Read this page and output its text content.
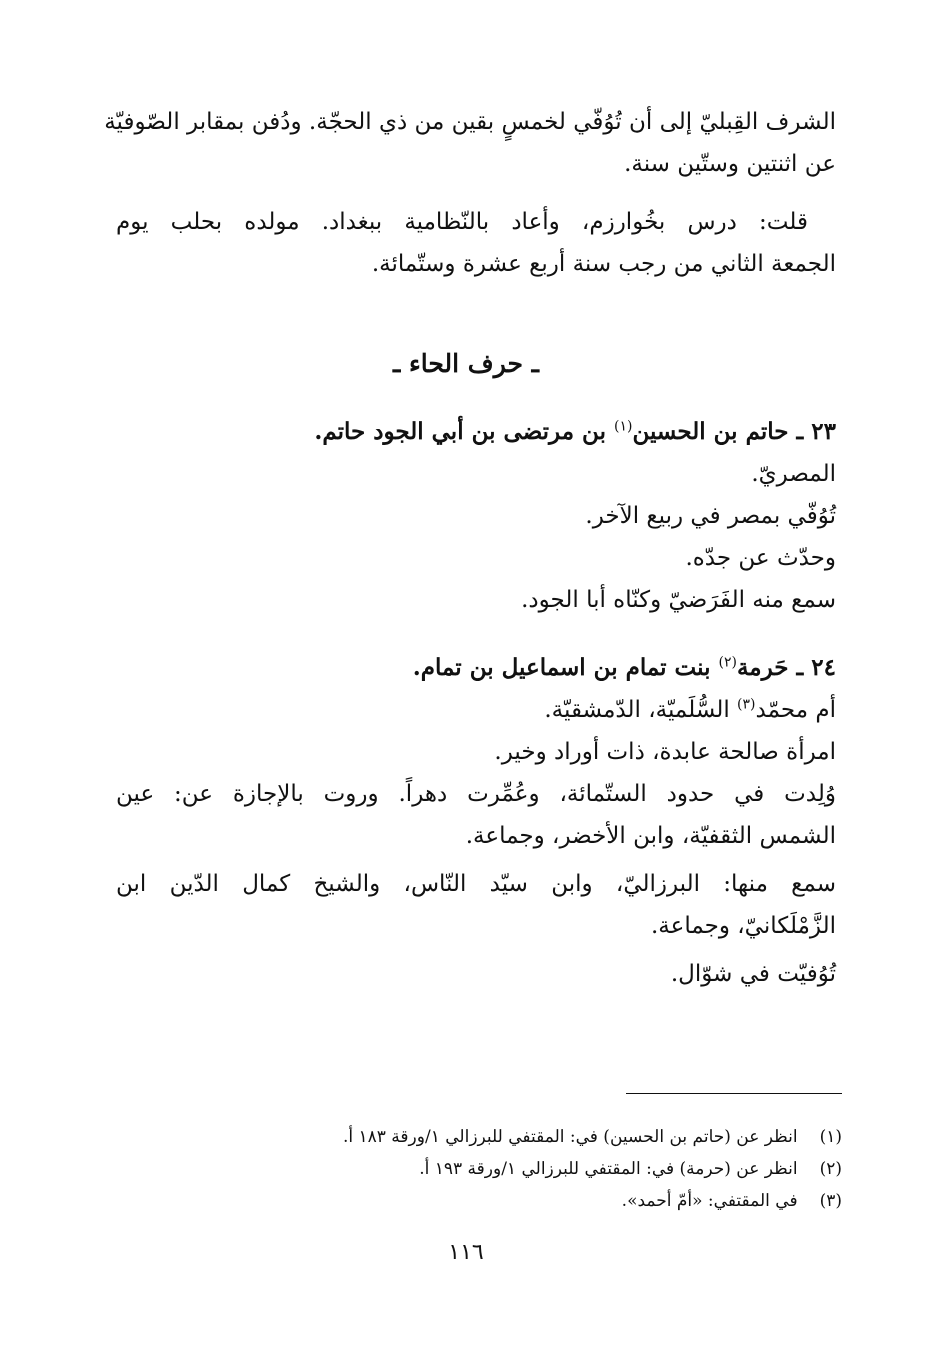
الشرف القِبليّ إلى أن تُوُفّي لخمسٍ بقين من ذي الحجّة. ودُفن بمقابر الصّوفيّة
عن اثنتين وستّين سنة.
قلت: درس بخُوارزم، وأعاد بالنّظامية ببغداد. مولده بحلب يوم
الجمعة الثاني من رجب سنة أربع عشرة وستّمائة.
ـ حرف الحاء ـ
٢٣ ـ حاتم بن الحسين$^{(١)}$ بن مرتضى بن أبي الجود حاتم.
المصريّ.
تُوُفّي بمصر في ربيع الآخر.
وحدّث عن جدّه.
سمع منه الفَرَضيّ وكنّاه أبا الجود.
٢٤ ـ حَرمة$^{(٢)}$ بنت تمام بن اسماعيل بن تمام.
أم محمّد$^{(٣)}$ السُّلَميّة، الدّمشقيّة.
امرأة صالحة عابدة، ذات أوراد وخير.
وُلِدت في حدود الستّمائة، وعُمِّرت دهراً. وروت بالإجازة عن: عين
الشمس الثقفيّة، وابن الأخضر، وجماعة.
سمع منها: البرزاليّ، وابن سيّد النّاس، والشيخ كمال الدّين ابن
الزَّمْلَكانيّ، وجماعة.
تُوُفيّت في شوّال.
(١)انظر عن (حاتم بن الحسين) في: المقتفي للبرزالي ١/ورقة ١٨٣ أ.
(٢)انظر عن (حرمة) في: المقتفي للبرزالي ١/ورقة ١٩٣ أ.
(٣)في المقتفي: «أمّ أحمد».
١١٦
